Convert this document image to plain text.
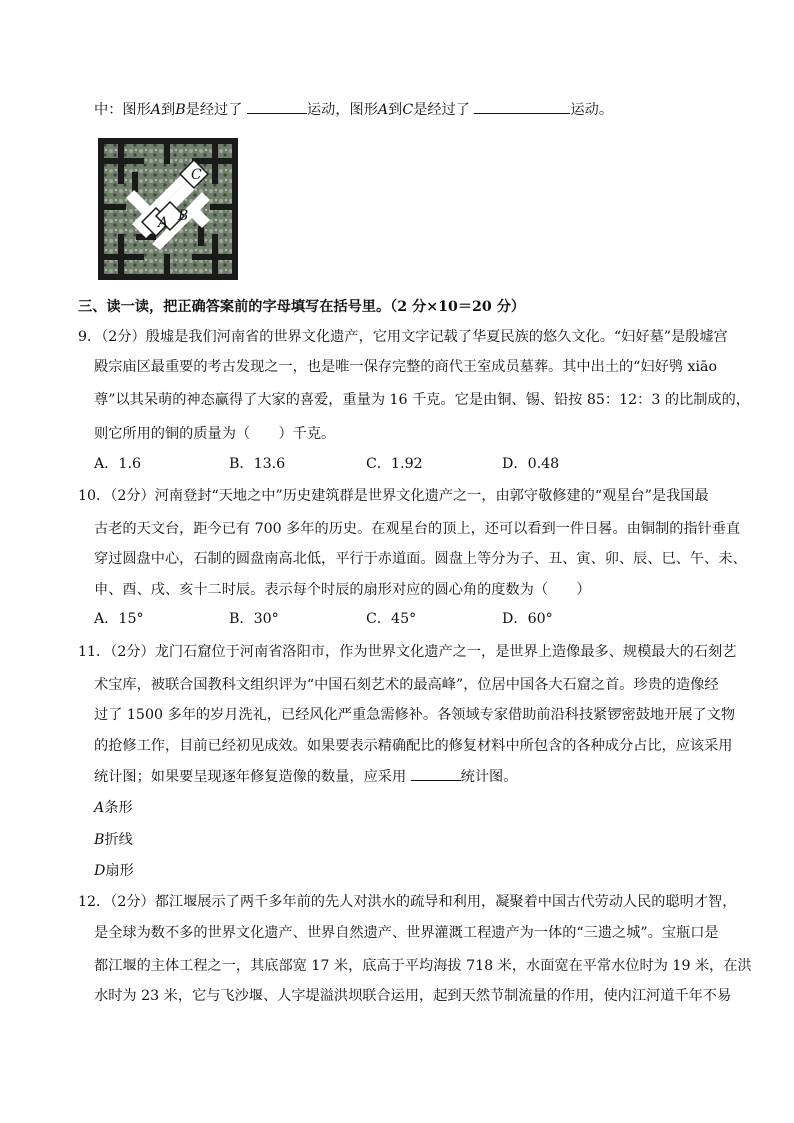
中：图形A到B是经过了	运动，图形A到C是经过了	运动。
A B
C
三、读一读，把正确答案前的字母填写在括号里。（2 分×10＝20 分）
9．（2分）殷墟是我们河南省的世界文化遗产，它用文字记载了华夏民族的悠久文化。“妇好墓”是殷墟宫
殿宗庙区最重要的考古发现之一，也是唯一保存完整的商代王室成员墓葬。其中出土的“妇好鸮 xiāo
尊”以其呆萌的神态赢得了大家的喜爱，重量为 16 千克。它是由铜、锡、铅按 85：12：3 的比制成的，
则它所用的铜的质量为（　　）千克。
A．1.6	B．13.6	C．1.92	D．0.48
10．（2分）河南登封“天地之中”历史建筑群是世界文化遗产之一，由郭守敬修建的“观星台”是我国最
古老的天文台，距今已有 700 多年的历史。在观星台的顶上，还可以看到一件日晷。由铜制的指针垂直
穿过圆盘中心，石制的圆盘南高北低，平行于赤道面。圆盘上等分为子、丑、寅、卯、辰、巳、午、未、
申、酉、戌、亥十二时辰。表示每个时辰的扇形对应的圆心角的度数为（　　）
A．15°	B．30°	C．45°	D．60°
11．（2分）龙门石窟位于河南省洛阳市，作为世界文化遗产之一，是世界上造像最多、规模最大的石刻艺
术宝库，被联合国教科文组织评为“中国石刻艺术的最高峰”，位居中国各大石窟之首。珍贵的造像经
过了 1500 多年的岁月洗礼，已经风化严重急需修补。各领域专家借助前沿科技紧锣密鼓地开展了文物
的抢修工作，目前已经初见成效。如果要表示精确配比的修复材料中所包含的各种成分占比，应该采用
统计图；如果要呈现逐年修复造像的数量，应采用	统计图。
A条形
B折线
D扇形
12．（2分）都江堰展示了两千多年前的先人对洪水的疏导和利用，凝聚着中国古代劳动人民的聪明才智，
是全球为数不多的世界文化遗产、世界自然遗产、世界灌溉工程遗产为一体的“三遗之城”。宝瓶口是
都江堰的主体工程之一，其底部宽 17 米，底高于平均海拔 718 米，水面宽在平常水位时为 19 米，在洪
水时为 23 米，它与飞沙堰、人字堤溢洪坝联合运用，起到天然节制流量的作用，使内江河道千年不易
